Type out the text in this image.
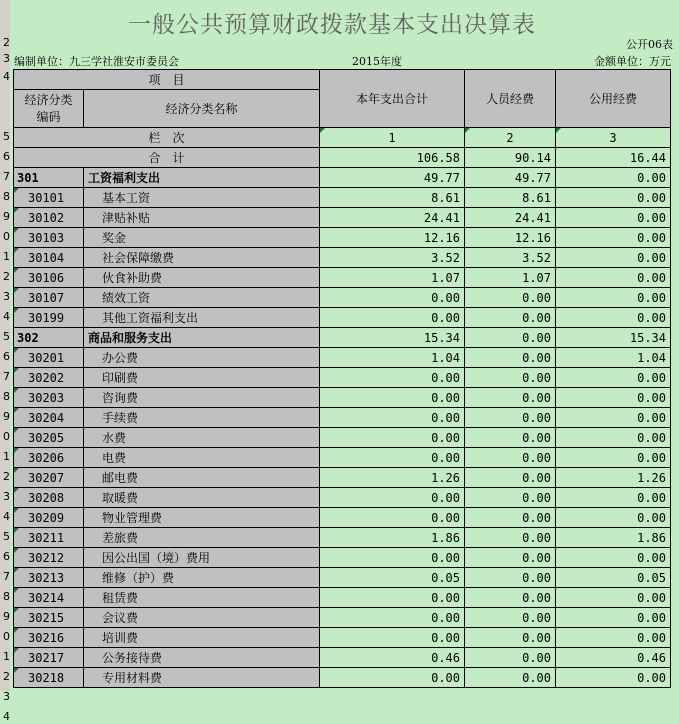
2
3
4
5
6
7
8
9
0
1
2
3
4
5
6
7
8
9
0
1
2
3
4
5
6
7
8
9
0
1
2
3
4
一般公共预算财政拨款基本支出决算表
公开06表
编制单位：九三学社淮安市委员会	2015年度	金额单位：万元
项　目		本年支出合计	人员经费	公用经费
经济分类
编码	经济分类名称			
栏　次		1	2	3
合　计		106.58	90.14	16.44
301	工资福利支出	49.77	49.77	0.00
30101	基本工资	8.61	8.61	0.00
30102	津贴补贴	24.41	24.41	0.00
30103	奖金	12.16	12.16	0.00
30104	社会保障缴费	3.52	3.52	0.00
30106	伙食补助费	1.07	1.07	0.00
30107	绩效工资	0.00	0.00	0.00
30199	其他工资福利支出	0.00	0.00	0.00
302	商品和服务支出	15.34	0.00	15.34
30201	办公费	1.04	0.00	1.04
30202	印刷费	0.00	0.00	0.00
30203	咨询费	0.00	0.00	0.00
30204	手续费	0.00	0.00	0.00
30205	水费	0.00	0.00	0.00
30206	电费	0.00	0.00	0.00
30207	邮电费	1.26	0.00	1.26
30208	取暖费	0.00	0.00	0.00
30209	物业管理费	0.00	0.00	0.00
30211	差旅费	1.86	0.00	1.86
30212	因公出国（境）费用	0.00	0.00	0.00
30213	维修（护）费	0.05	0.00	0.05
30214	租赁费	0.00	0.00	0.00
30215	会议费	0.00	0.00	0.00
30216	培训费	0.00	0.00	0.00
30217	公务接待费	0.46	0.00	0.46
30218	专用材料费	0.00	0.00	0.00
